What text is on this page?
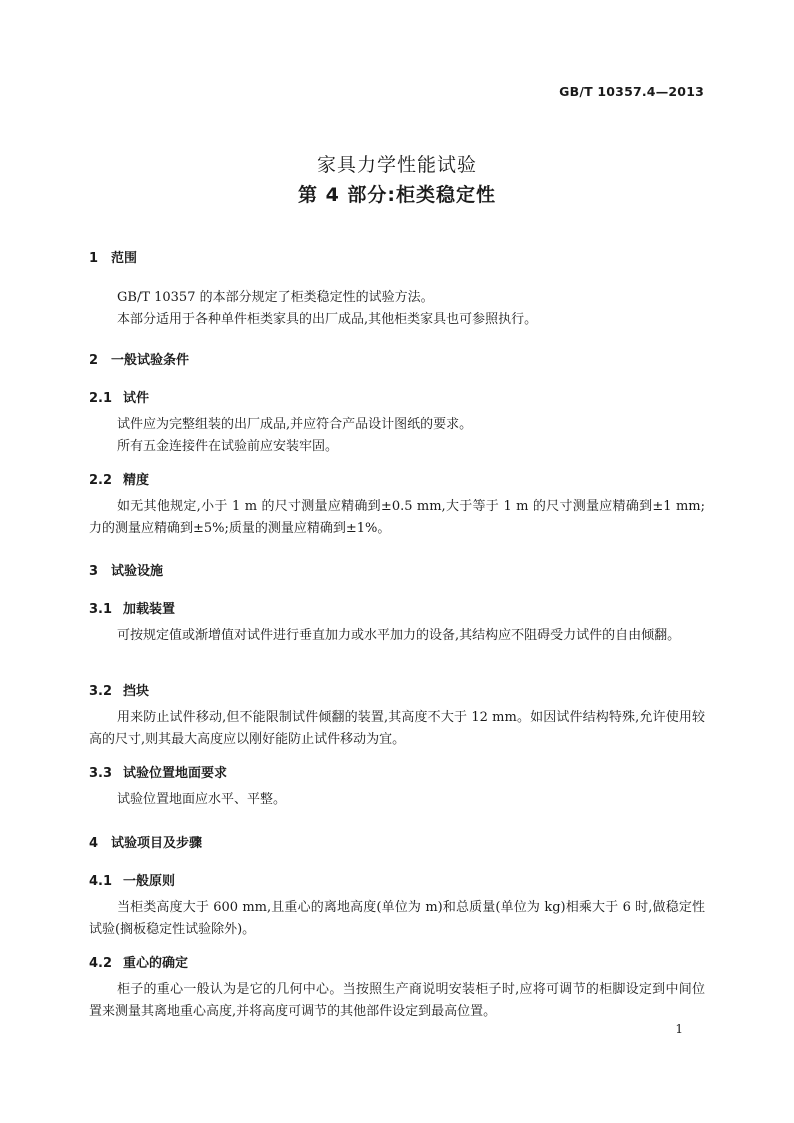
GB/T 10357.4—2013
家具力学性能试验
第 4 部分:柜类稳定性
1 范围
GB/T 10357 的本部分规定了柜类稳定性的试验方法。
本部分适用于各种单件柜类家具的出厂成品,其他柜类家具也可参照执行。
2 一般试验条件
2.1 试件
试件应为完整组装的出厂成品,并应符合产品设计图纸的要求。
所有五金连接件在试验前应安装牢固。
2.2 精度
如无其他规定,小于 1 m 的尺寸测量应精确到±0.5 mm,大于等于 1 m 的尺寸测量应精确到±1 mm;力的测量应精确到±5%;质量的测量应精确到±1%。
3 试验设施
3.1 加载装置
可按规定值或渐增值对试件进行垂直加力或水平加力的设备,其结构应不阻碍受力试件的自由倾翻。
3.2 挡块
用来防止试件移动,但不能限制试件倾翻的装置,其高度不大于 12 mm。如因试件结构特殊,允许使用较高的尺寸,则其最大高度应以刚好能防止试件移动为宜。
3.3 试验位置地面要求
试验位置地面应水平、平整。
4 试验项目及步骤
4.1 一般原则
当柜类高度大于 600 mm,且重心的离地高度(单位为 m)和总质量(单位为 kg)相乘大于 6 时,做稳定性试验(搁板稳定性试验除外)。
4.2 重心的确定
柜子的重心一般认为是它的几何中心。当按照生产商说明安装柜子时,应将可调节的柜脚设定到中间位置来测量其离地重心高度,并将高度可调节的其他部件设定到最高位置。
1
